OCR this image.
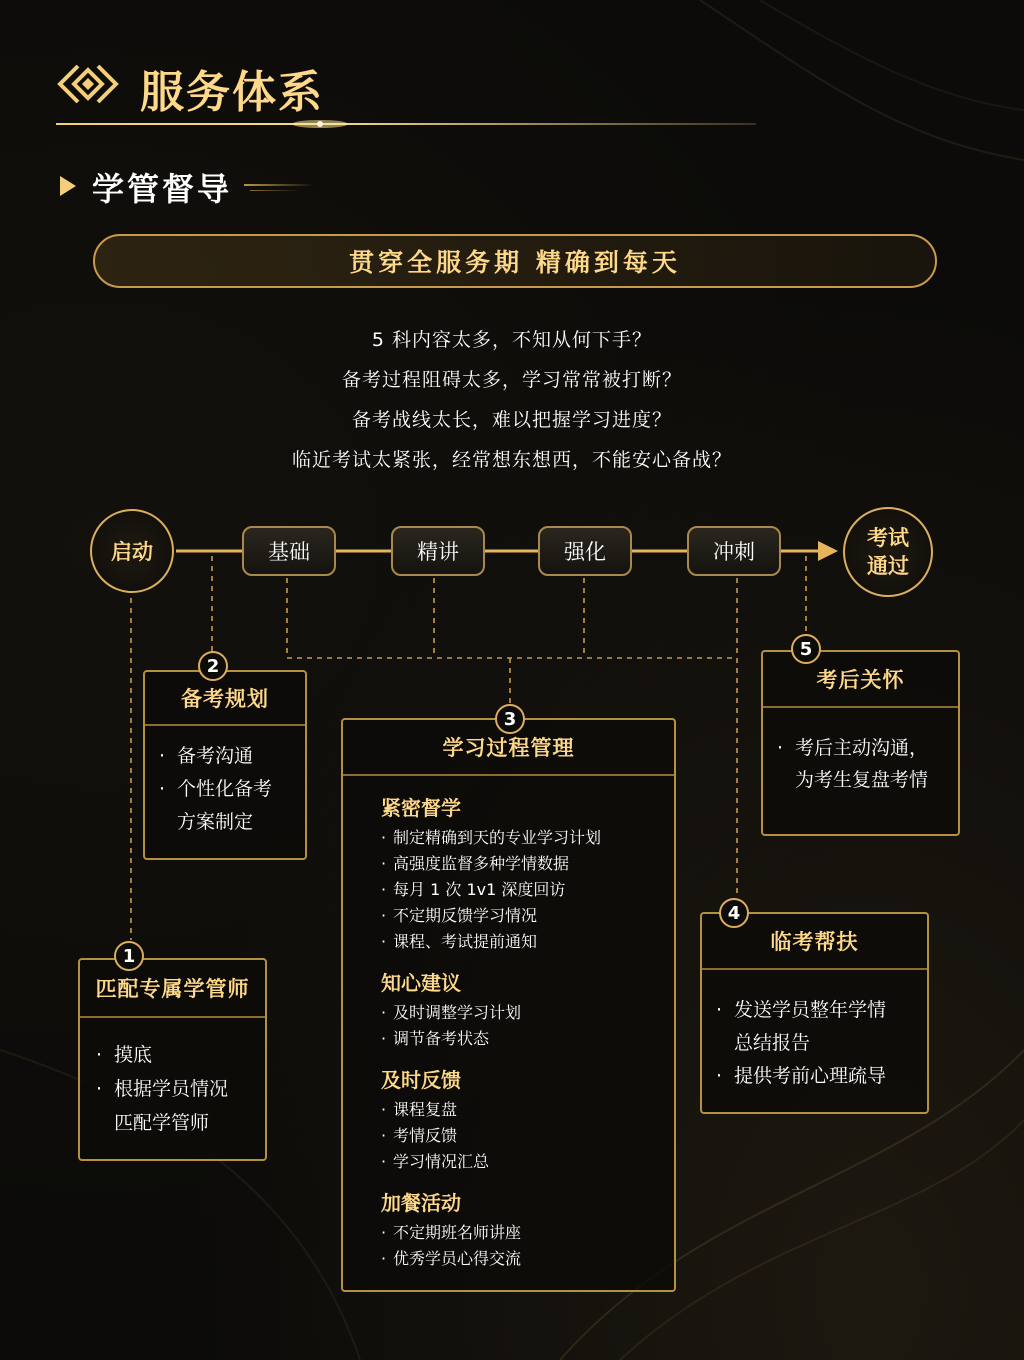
服务体系
学管督导
贯穿全服务期 精确到每天
5 科内容太多，不知从何下手？
备考过程阻碍太多，学习常常被打断？
备考战线太长，难以把握学习进度？
临近考试太紧张，经常想东想西，不能安心备战？
启动	基础	精讲	强化	冲刺
考试
通过
备考规划
· 备考沟通
· 个性化备考
方案制定
2
匹配专属学管师
· 摸底
· 根据学员情况
匹配学管师
1
学习过程管理
紧密督学
· 制定精确到天的专业学习计划
· 高强度监督多种学情数据
· 每月 1 次 1v1 深度回访
· 不定期反馈学习情况
· 课程、考试提前通知
知心建议
· 及时调整学习计划
· 调节备考状态
及时反馈
· 课程复盘
· 考情反馈
· 学习情况汇总
加餐活动
· 不定期班名师讲座
· 优秀学员心得交流
3
考后关怀
· 考后主动沟通，
为考生复盘考情
5
临考帮扶
· 发送学员整年学情
总结报告
· 提供考前心理疏导
4
